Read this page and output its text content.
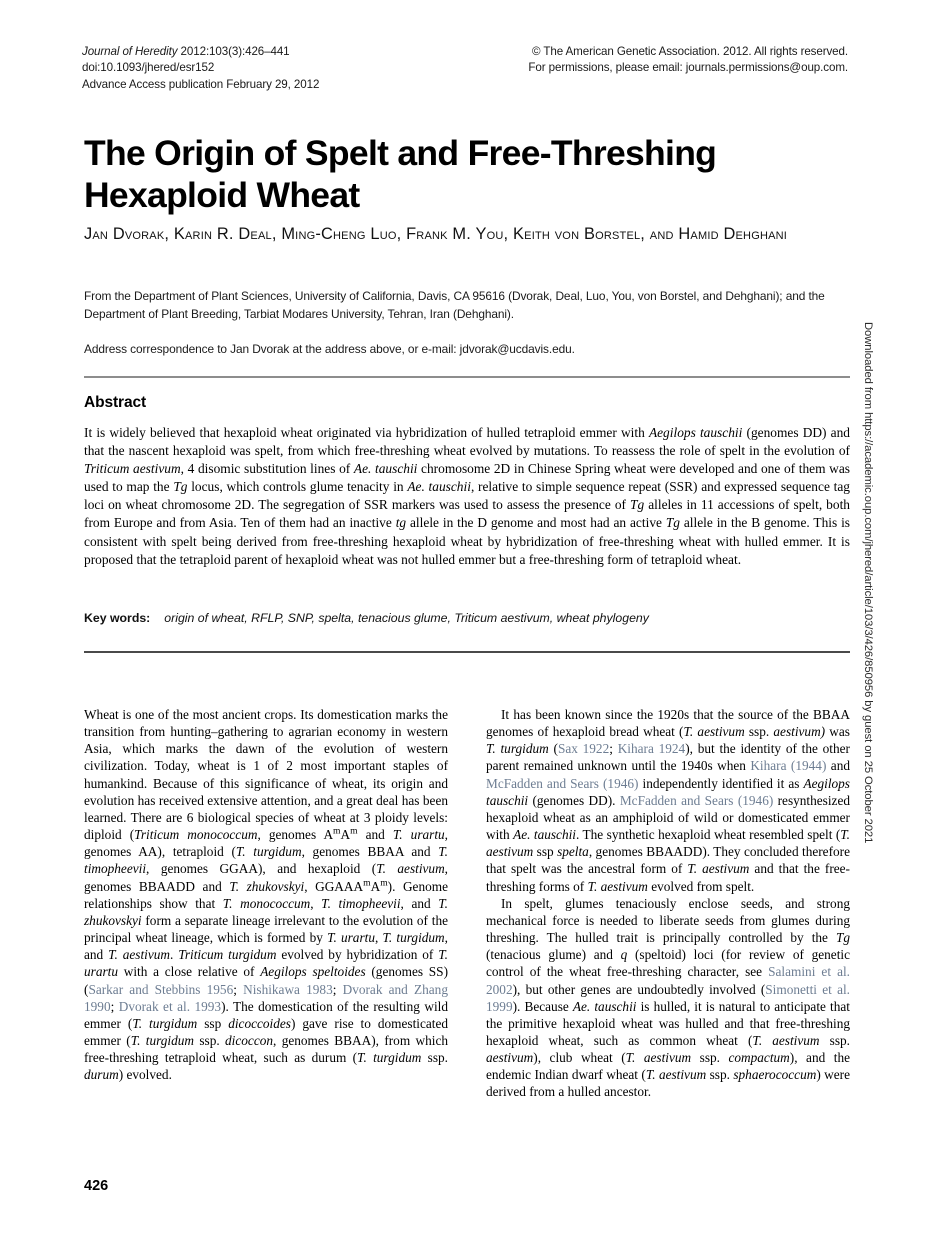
Journal of Heredity 2012:103(3):426–441
doi:10.1093/jhered/esr152
Advance Access publication February 29, 2012
© The American Genetic Association. 2012. All rights reserved.
For permissions, please email: journals.permissions@oup.com.
The Origin of Spelt and Free-Threshing Hexaploid Wheat
Jan Dvorak, Karin R. Deal, Ming-Cheng Luo, Frank M. You, Keith von Borstel, and Hamid Dehghani
From the Department of Plant Sciences, University of California, Davis, CA 95616 (Dvorak, Deal, Luo, You, von Borstel, and Dehghani); and the Department of Plant Breeding, Tarbiat Modares University, Tehran, Iran (Dehghani).
Address correspondence to Jan Dvorak at the address above, or e-mail: jdvorak@ucdavis.edu.
Abstract
It is widely believed that hexaploid wheat originated via hybridization of hulled tetraploid emmer with Aegilops tauschii (genomes DD) and that the nascent hexaploid was spelt, from which free-threshing wheat evolved by mutations. To reassess the role of spelt in the evolution of Triticum aestivum, 4 disomic substitution lines of Ae. tauschii chromosome 2D in Chinese Spring wheat were developed and one of them was used to map the Tg locus, which controls glume tenacity in Ae. tauschii, relative to simple sequence repeat (SSR) and expressed sequence tag loci on wheat chromosome 2D. The segregation of SSR markers was used to assess the presence of Tg alleles in 11 accessions of spelt, both from Europe and from Asia. Ten of them had an inactive tg allele in the D genome and most had an active Tg allele in the B genome. This is consistent with spelt being derived from free-threshing hexaploid wheat by hybridization of free-threshing wheat with hulled emmer. It is proposed that the tetraploid parent of hexaploid wheat was not hulled emmer but a free-threshing form of tetraploid wheat.
Key words: origin of wheat, RFLP, SNP, spelta, tenacious glume, Triticum aestivum, wheat phylogeny

Wheat is one of the most ancient crops. Its domestication marks the transition from hunting–gathering to agrarian economy in western Asia, which marks the dawn of the evolution of western civilization. Today, wheat is 1 of 2 most important staples of humankind. Because of this significance of wheat, its origin and evolution has received extensive attention, and a great deal has been learned. There are 6 biological species of wheat at 3 ploidy levels: diploid (Triticum monococcum, genomes $A^mA^m$ and T. urartu, genomes AA), tetraploid (T. turgidum, genomes BBAA and T. timopheevii, genomes GGAA), and hexaploid (T. aestivum, genomes BBAADD and T. zhukovskyi, $GGAAA^mA^m$). Genome relationships show that T. monococcum, T. timopheevii, and T. zhukovskyi form a separate lineage irrelevant to the evolution of the principal wheat lineage, which is formed by T. urartu, T. turgidum, and T. aestivum. Triticum turgidum evolved by hybridization of T. urartu with a close relative of Aegilops speltoides (genomes SS) (Sarkar and Stebbins 1956; Nishikawa 1983; Dvorak and Zhang 1990; Dvorak et al. 1993). The domestication of the resulting wild emmer (T. turgidum ssp dicoccoides) gave rise to domesticated emmer (T. turgidum ssp. dicoccon, genomes BBAA), from which free-threshing tetraploid wheat, such as durum (T. turgidum ssp. durum) evolved.

It has been known since the 1920s that the source of the BBAA genomes of hexaploid bread wheat (T. aestivum ssp. aestivum) was T. turgidum (Sax 1922; Kihara 1924), but the identity of the other parent remained unknown until the 1940s when Kihara (1944) and McFadden and Sears (1946) independently identified it as Aegilops tauschii (genomes DD). McFadden and Sears (1946) resynthesized hexaploid wheat as an amphiploid of wild or domesticated emmer with Ae. tauschii. The synthetic hexaploid wheat resembled spelt (T. aestivum ssp spelta, genomes BBAADD). They concluded therefore that spelt was the ancestral form of T. aestivum and that the free-threshing forms of T. aestivum evolved from spelt.

In spelt, glumes tenaciously enclose seeds, and strong mechanical force is needed to liberate seeds from glumes during threshing. The hulled trait is principally controlled by the Tg (tenacious glume) and q (speltoid) loci (for review of genetic control of the wheat free-threshing character, see Salamini et al. 2002), but other genes are undoubtedly involved (Simonetti et al. 1999). Because Ae. tauschii is hulled, it is natural to anticipate that the primitive hexaploid wheat was hulled and that free-threshing hexaploid wheat, such as common wheat (T. aestivum ssp. aestivum), club wheat (T. aestivum ssp. compactum), and the endemic Indian dwarf wheat (T. aestivum ssp. sphaerococcum) were derived from a hulled ancestor.

426
Downloaded from https://academic.oup.com/jhered/article/103/3/426/850956 by guest on 25 October 2021
